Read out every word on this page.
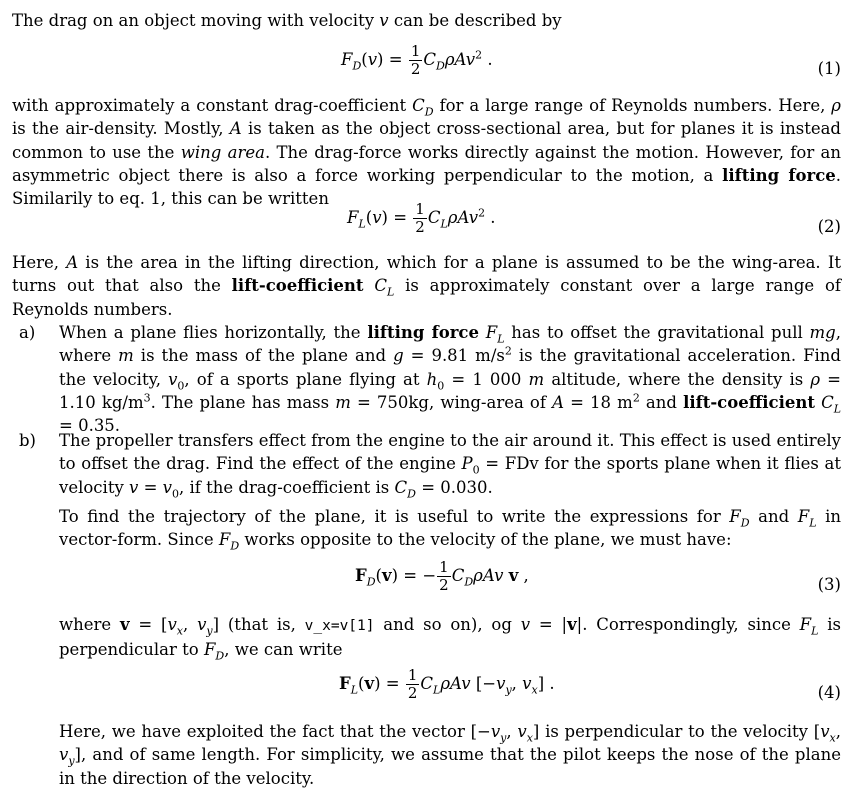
The drag on an object moving with velocity v can be described by

$F_D(v) = \frac{1}{2} C_D\rho Av^2$ .	(1)

with approximately a constant drag-coefficient $C_D$ for a large range of Reynolds numbers. Here, ρ is the air-density. Mostly, A is taken as the object cross-sectional area, but for planes it is instead common to use the wing area. The drag-force works directly against the motion. However, for an asymmetric object there is also a force working perpendicular to the motion, a lifting force. Similarily to eq. 1, this can be written

$F_L(v) = \frac{1}{2} C_L\rho Av^2$ .	(2)

Here, A is the area in the lifting direction, which for a plane is assumed to be the wing-area. It turns out that also the lift-coefficient $C_L$ is approximately constant over a large range of Reynolds numbers.

a) When a plane flies horizontally, the lifting force $F_L$ has to offset the gravitational pull mg, where m is the mass of the plane and g = 9.81 $m/s^2$ is the gravitational acceleration. Find the velocity, $v_0$, of a sports plane flying at $h_0 = 1$ 000 m altitude, where the density is ρ = 1.10 $kg/m^3$. The plane has mass m = 750kg, wing-area of A = 18 $m^2$ and lift-coefficient $C_L = 0.35$.

b) The propeller transfers effect from the engine to the air around it. This effect is used entirely to offset the drag. Find the effect of the engine $P_0$ = FDv for the sports plane when it flies at velocity $v = v_0$, if the drag-coefficient is $C_D = 0.030$.

To find the trajectory of the plane, it is useful to write the expressions for $F_D$ and $F_L$ in vector-form. Since $F_D$ works opposite to the velocity of the plane, we must have:

$F_D(v)$ = − $\frac{1}{2} C_D\rho Av$ v ,	(3)

where $v = [v_x$, $v_y$] (that is, v_x=v[1] and so on), og v = |v|. Correspondingly, since $F_L$ is perpendicular to $F_D$, we can write

$F_L(v) = \frac{1}{2} C_L\rho Av$ [$-v_y$, $v_x$] .	(4)

Here, we have exploited the fact that the vector [$-v_y$, $v_x$] is perpendicular to the velocity [$v_x$, $v_y$], and of same length. For simplicity, we assume that the pilot keeps the nose of the plane in the direction of the velocity.
